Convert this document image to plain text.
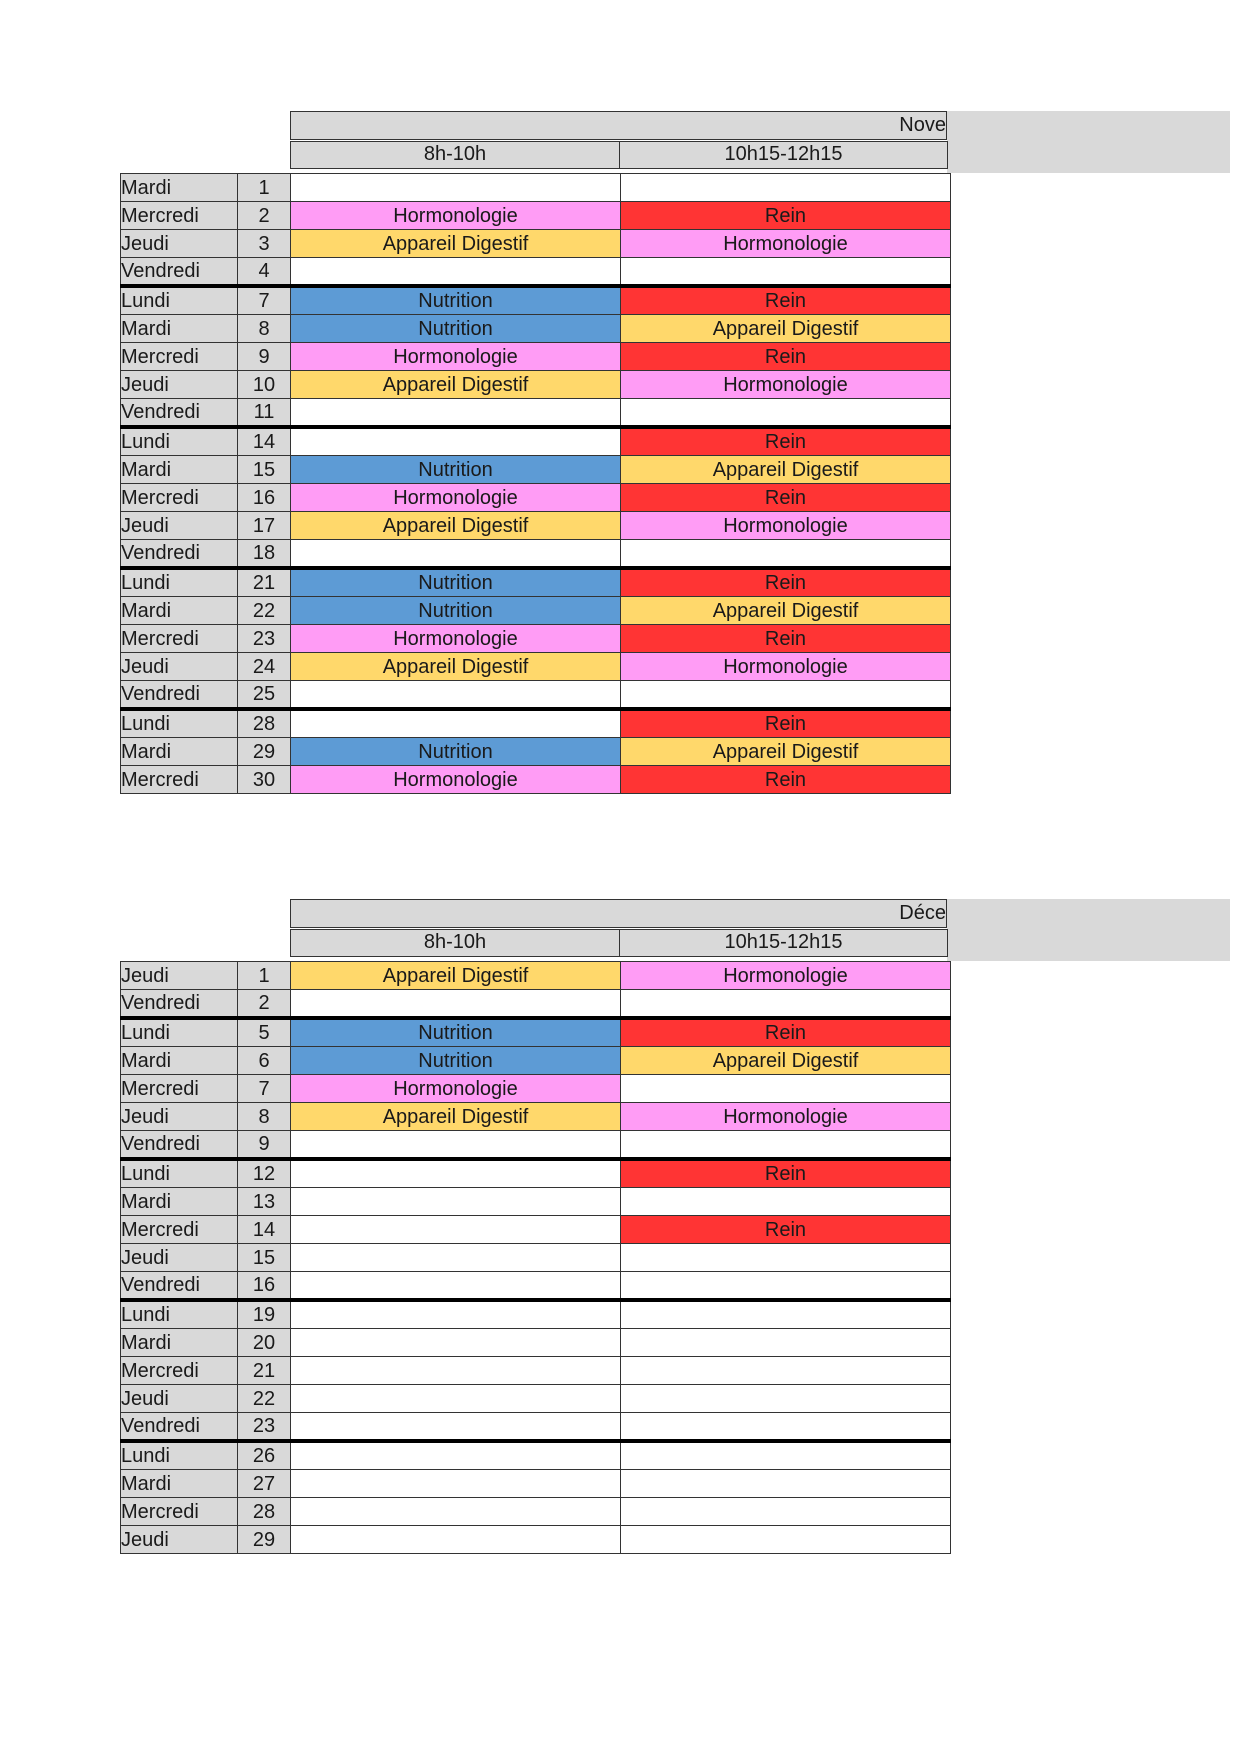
Nove
8h-10h	10h15-12h15
Mardi	1		
Mercredi	2	Hormonologie	Rein
Jeudi	3	Appareil Digestif	Hormonologie
Vendredi	4		
Lundi	7	Nutrition	Rein
Mardi	8	Nutrition	Appareil Digestif
Mercredi	9	Hormonologie	Rein
Jeudi	10	Appareil Digestif	Hormonologie
Vendredi	11		
Lundi	14		Rein
Mardi	15	Nutrition	Appareil Digestif
Mercredi	16	Hormonologie	Rein
Jeudi	17	Appareil Digestif	Hormonologie
Vendredi	18		
Lundi	21	Nutrition	Rein
Mardi	22	Nutrition	Appareil Digestif
Mercredi	23	Hormonologie	Rein
Jeudi	24	Appareil Digestif	Hormonologie
Vendredi	25		
Lundi	28		Rein
Mardi	29	Nutrition	Appareil Digestif
Mercredi	30	Hormonologie	Rein
Déce
8h-10h	10h15-12h15
Jeudi	1	Appareil Digestif	Hormonologie
Vendredi	2		
Lundi	5	Nutrition	Rein
Mardi	6	Nutrition	Appareil Digestif
Mercredi	7	Hormonologie	
Jeudi	8	Appareil Digestif	Hormonologie
Vendredi	9		
Lundi	12		Rein
Mardi	13		
Mercredi	14		Rein
Jeudi	15		
Vendredi	16		
Lundi	19		
Mardi	20		
Mercredi	21		
Jeudi	22		
Vendredi	23		
Lundi	26		
Mardi	27		
Mercredi	28		
Jeudi	29		
